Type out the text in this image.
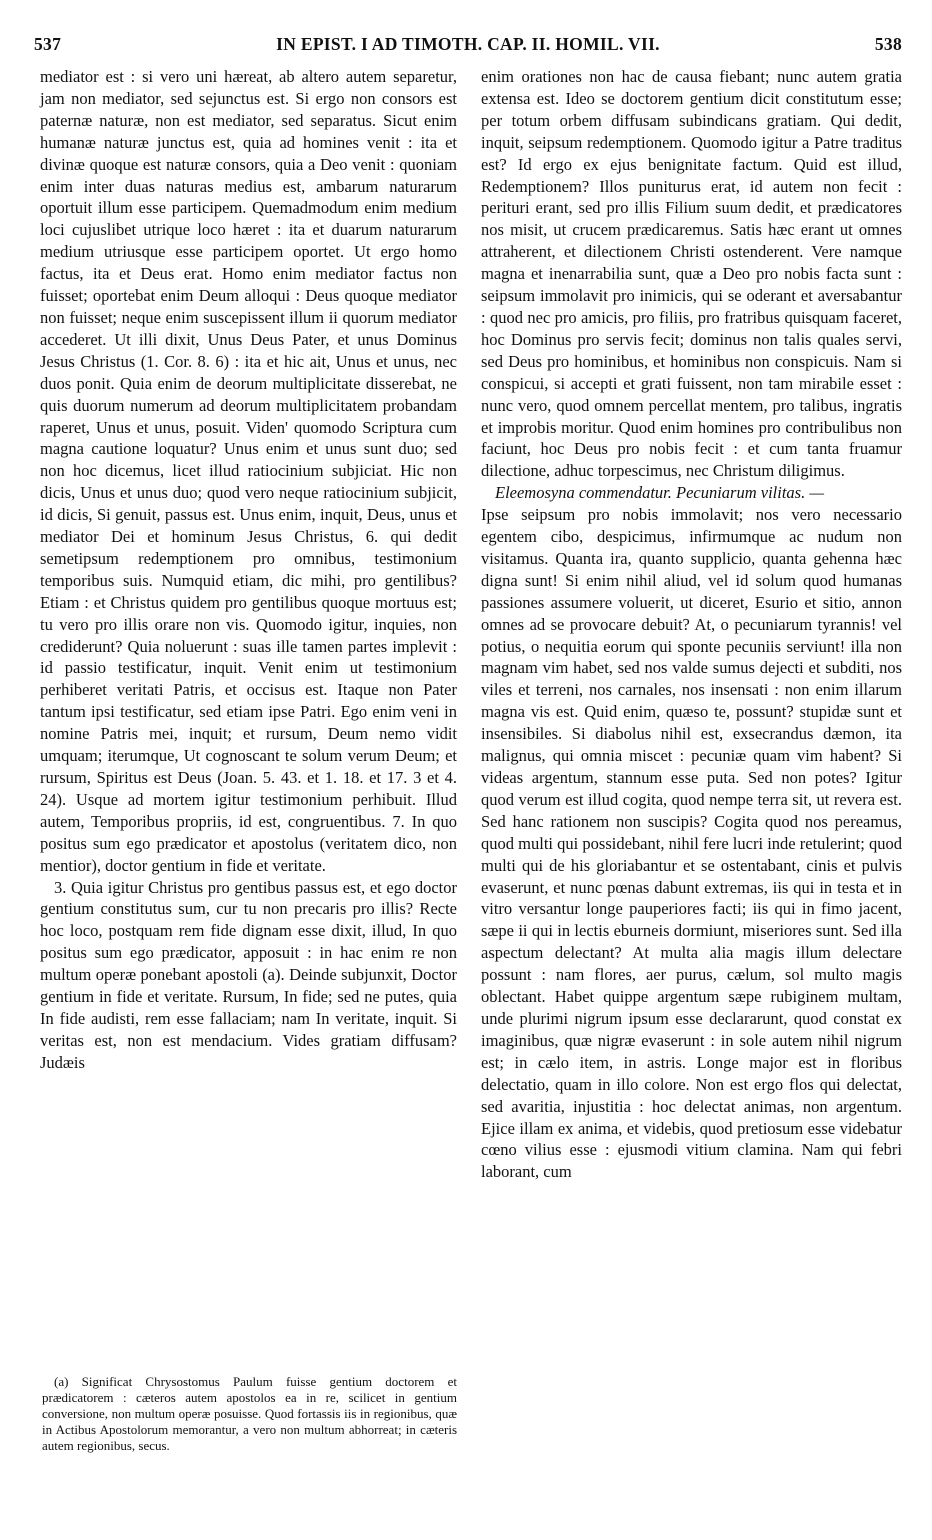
537	IN EPIST. I AD TIMOTH. CAP. II. HOMIL. VII.	538

mediator est : si vero uni hæreat, ab altero autem separetur, jam non mediator, sed sejunctus est. Si ergo non consors est paternæ naturæ, non est mediator, sed separatus. Sicut enim humanæ naturæ junctus est, quia ad homines venit : ita et divinæ quoque est naturæ consors, quia a Deo venit : quoniam enim inter duas naturas medius est, ambarum naturarum oportuit illum esse participem. Quemadmodum enim medium loci cujuslibet utrique loco hæret : ita et duarum naturarum medium utriusque esse participem oportet. Ut ergo homo factus, ita et Deus erat. Homo enim mediator factus non fuisset; oportebat enim Deum alloqui : Deus quoque mediator non fuisset; neque enim suscepissent illum ii quorum mediator accederet. Ut illi dixit, Unus Deus Pater, et unus Dominus Jesus Christus (1. Cor. 8. 6) : ita et hic ait, Unus et unus, nec duos ponit. Quia enim de deorum multiplicitate disserebat, ne quis duorum numerum ad deorum multiplicitatem probandam raperet, Unus et unus, posuit. Viden' quomodo Scriptura cum magna cautione loquatur? Unus enim et unus sunt duo; sed non hoc dicemus, licet illud ratiocinium subjiciat. Hic non dicis, Unus et unus duo; quod vero neque ratiocinium subjicit, id dicis, Si genuit, passus est. Unus enim, inquit, Deus, unus et mediator Dei et hominum Jesus Christus, 6. qui dedit semetipsum redemptionem pro omnibus, testimonium temporibus suis. Numquid etiam, dic mihi, pro gentilibus? Etiam : et Christus quidem pro gentilibus quoque mortuus est; tu vero pro illis orare non vis. Quomodo igitur, inquies, non crediderunt? Quia noluerunt : suas ille tamen partes implevit : id passio testificatur, inquit. Venit enim ut testimonium perhiberet veritati Patris, et occisus est. Itaque non Pater tantum ipsi testificatur, sed etiam ipse Patri. Ego enim veni in nomine Patris mei, inquit; et rursum, Deum nemo vidit umquam; iterumque, Ut cognoscant te solum verum Deum; et rursum, Spiritus est Deus (Joan. 5. 43. et 1. 18. et 17. 3 et 4. 24). Usque ad mortem igitur testimonium perhibuit. Illud autem, Temporibus propriis, id est, congruentibus. 7. In quo positus sum ego prædicator et apostolus (veritatem dico, non mentior), doctor gentium in fide et veritate.

3. Quia igitur Christus pro gentibus passus est, et ego doctor gentium constitutus sum, cur tu non precaris pro illis? Recte hoc loco, postquam rem fide dignam esse dixit, illud, In quo positus sum ego prædicator, apposuit : in hac enim re non multum operæ ponebant apostoli (a). Deinde subjunxit, Doctor gentium in fide et veritate. Rursum, In fide; sed ne putes, quia In fide audisti, rem esse fallaciam; nam In veritate, inquit. Si veritas est, non est mendacium. Vides gratiam diffusam? Judæis

(a) Significat Chrysostomus Paulum fuisse gentium doctorem et prædicatorem : cæteros autem apostolos ea in re, scilicet in gentium conversione, non multum operæ posuisse. Quod fortassis iis in regionibus, quæ in Actibus Apostolorum memorantur, a vero non multum abhorreat; in cæteris autem regionibus, secus.

enim orationes non hac de causa fiebant; nunc autem gratia extensa est. Ideo se doctorem gentium dicit constitutum esse; per totum orbem diffusam subindicans gratiam. Qui dedit, inquit, seipsum redemptionem. Quomodo igitur a Patre traditus est? Id ergo ex ejus benignitate factum. Quid est illud, Redemptionem? Illos puniturus erat, id autem non fecit : perituri erant, sed pro illis Filium suum dedit, et prædicatores nos misit, ut crucem prædicaremus. Satis hæc erant ut omnes attraherent, et dilectionem Christi ostenderent. Vere namque magna et inenarrabilia sunt, quæ a Deo pro nobis facta sunt : seipsum immolavit pro inimicis, qui se oderant et aversabantur : quod nec pro amicis, pro filiis, pro fratribus quisquam faceret, hoc Dominus pro servis fecit; dominus non talis quales servi, sed Deus pro hominibus, et hominibus non conspicuis. Nam si conspicui, si accepti et grati fuissent, non tam mirabile esset : nunc vero, quod omnem percellat mentem, pro talibus, ingratis et improbis moritur. Quod enim homines pro contribulibus non faciunt, hoc Deus pro nobis fecit : et cum tanta fruamur dilectione, adhuc torpescimus, nec Christum diligimus.

Eleemosyna commendatur. Pecuniarum vilitas. —

Ipse seipsum pro nobis immolavit; nos vero necessario egentem cibo, despicimus, infirmumque ac nudum non visitamus. Quanta ira, quanto supplicio, quanta gehenna hæc digna sunt! Si enim nihil aliud, vel id solum quod humanas passiones assumere voluerit, ut diceret, Esurio et sitio, annon omnes ad se provocare debuit? At, o pecuniarum tyrannis! vel potius, o nequitia eorum qui sponte pecuniis serviunt! illa non magnam vim habet, sed nos valde sumus dejecti et subditi, nos viles et terreni, nos carnales, nos insensati : non enim illarum magna vis est. Quid enim, quæso te, possunt? stupidæ sunt et insensibiles. Si diabolus nihil est, exsecrandus dæmon, ita malignus, qui omnia miscet : pecuniæ quam vim habent? Si videas argentum, stannum esse puta. Sed non potes? Igitur quod verum est illud cogita, quod nempe terra sit, ut revera est. Sed hanc rationem non suscipis? Cogita quod nos pereamus, quod multi qui possidebant, nihil fere lucri inde retulerint; quod multi qui de his gloriabantur et se ostentabant, cinis et pulvis evaserunt, et nunc pœnas dabunt extremas, iis qui in testa et in vitro versantur longe pauperiores facti; iis qui in fimo jacent, sæpe ii qui in lectis eburneis dormiunt, miseriores sunt. Sed illa aspectum delectant? At multa alia magis illum delectare possunt : nam flores, aer purus, cælum, sol multo magis oblectant. Habet quippe argentum sæpe rubiginem multam, unde plurimi nigrum ipsum esse declararunt, quod constat ex imaginibus, quæ nigræ evaserunt : in sole autem nihil nigrum est; in cælo item, in astris. Longe major est in floribus delectatio, quam in illo colore. Non est ergo flos qui delectat, sed avaritia, injustitia : hoc delectat animas, non argentum. Ejice illam ex anima, et videbis, quod pretiosum esse videbatur cœno vilius esse : ejusmodi vitium clamina. Nam qui febri laborant, cum
